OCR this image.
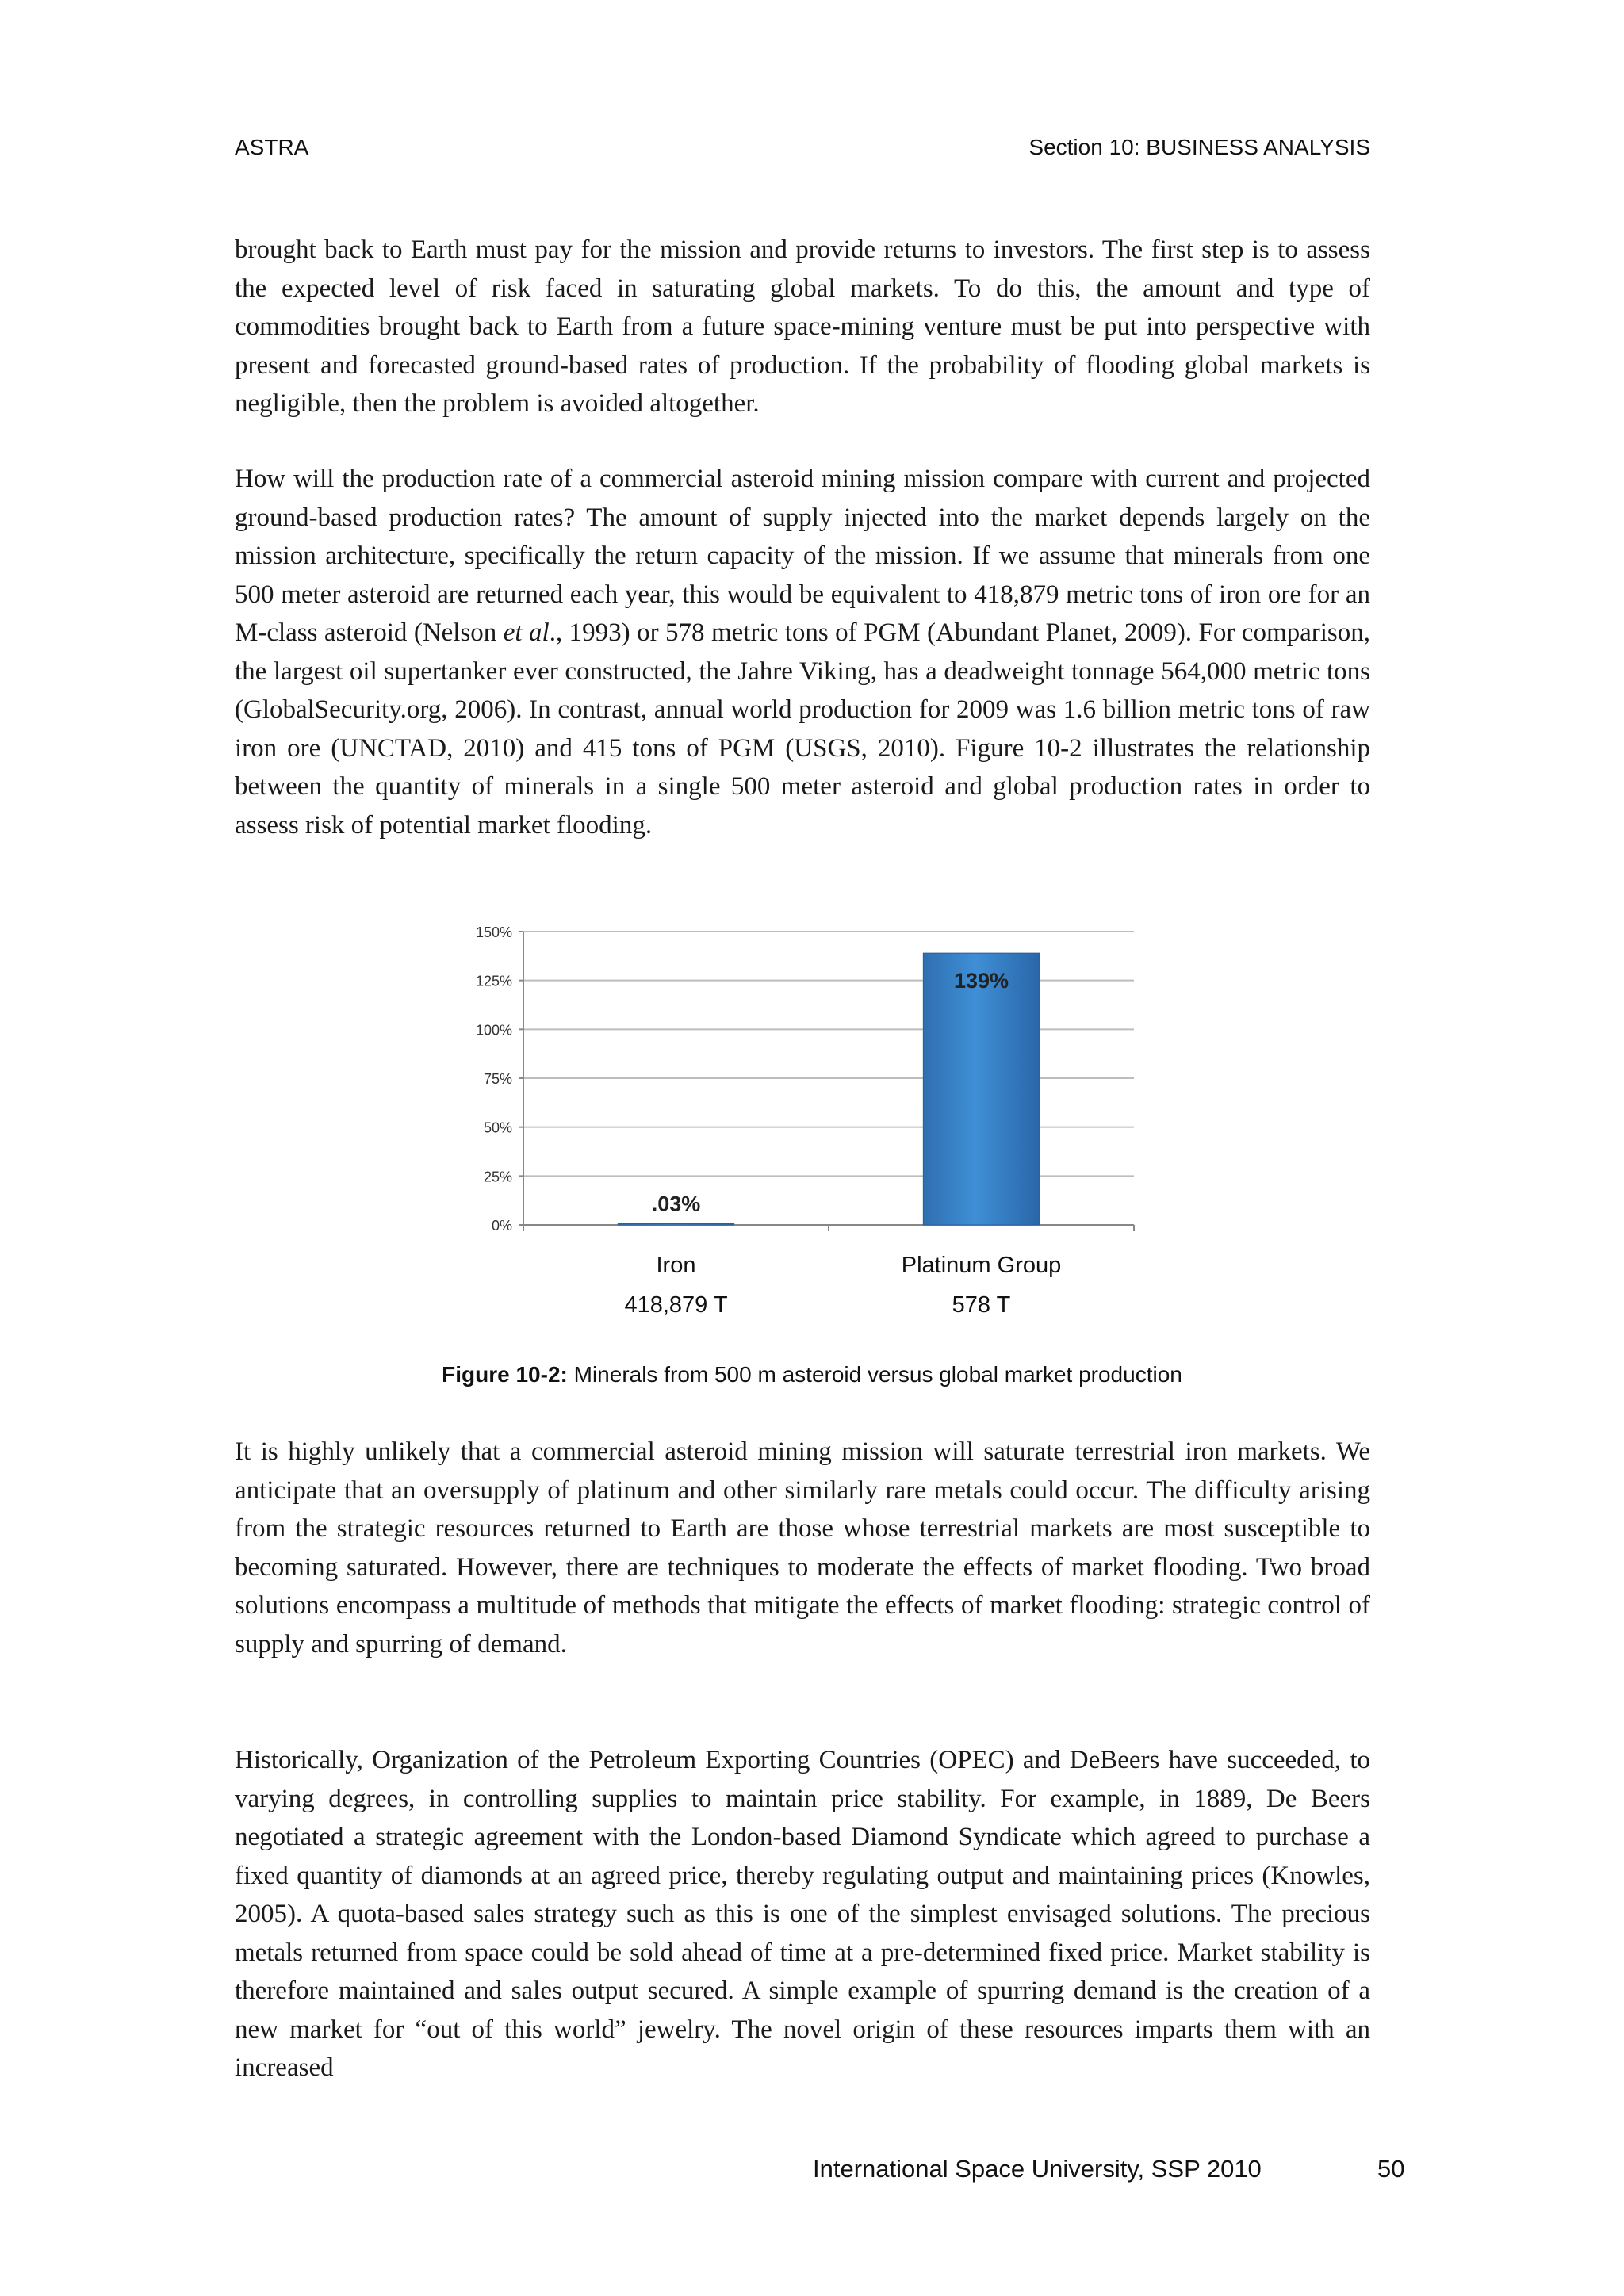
ASTRA	Section 10: BUSINESS ANALYSIS

brought back to Earth must pay for the mission and provide returns to investors. The first step is to assess the expected level of risk faced in saturating global markets. To do this, the amount and type of commodities brought back to Earth from a future space-mining venture must be put into perspective with present and forecasted ground-based rates of production. If the probability of flooding global markets is negligible, then the problem is avoided altogether.

How will the production rate of a commercial asteroid mining mission compare with current and projected ground-based production rates? The amount of supply injected into the market depends largely on the mission architecture, specifically the return capacity of the mission. If we assume that minerals from one 500 meter asteroid are returned each year, this would be equivalent to 418,879 metric tons of iron ore for an M-class asteroid (Nelson et al., 1993) or 578 metric tons of PGM (Abundant Planet, 2009). For comparison, the largest oil supertanker ever constructed, the Jahre Viking, has a deadweight tonnage 564,000 metric tons (GlobalSecurity.org, 2006). In contrast, annual world production for 2009 was 1.6 billion metric tons of raw iron ore (UNCTAD, 2010) and 415 tons of PGM (USGS, 2010). Figure 10-2 illustrates the relationship between the quantity of minerals in a single 500 meter asteroid and global production rates in order to assess risk of potential market flooding.

0%
25%
50%
75%
100%
125%
150%
.03%
Iron
418,879 T
139%
Platinum Group
578 T
Figure 10-2: Minerals from 500 m asteroid versus global market production

It is highly unlikely that a commercial asteroid mining mission will saturate terrestrial iron markets. We anticipate that an oversupply of platinum and other similarly rare metals could occur. The difficulty arising from the strategic resources returned to Earth are those whose terrestrial markets are most susceptible to becoming saturated. However, there are techniques to moderate the effects of market flooding. Two broad solutions encompass a multitude of methods that mitigate the effects of market flooding: strategic control of supply and spurring of demand.

Historically, Organization of the Petroleum Exporting Countries (OPEC) and DeBeers have succeeded, to varying degrees, in controlling supplies to maintain price stability. For example, in 1889, De Beers negotiated a strategic agreement with the London-based Diamond Syndicate which agreed to purchase a fixed quantity of diamonds at an agreed price, thereby regulating output and maintaining prices (Knowles, 2005). A quota-based sales strategy such as this is one of the simplest envisaged solutions. The precious metals returned from space could be sold ahead of time at a pre-determined fixed price. Market stability is therefore maintained and sales output secured. A simple example of spurring demand is the creation of a new market for “out of this world” jewelry. The novel origin of these resources imparts them with an increased

International Space University, SSP 2010	50
